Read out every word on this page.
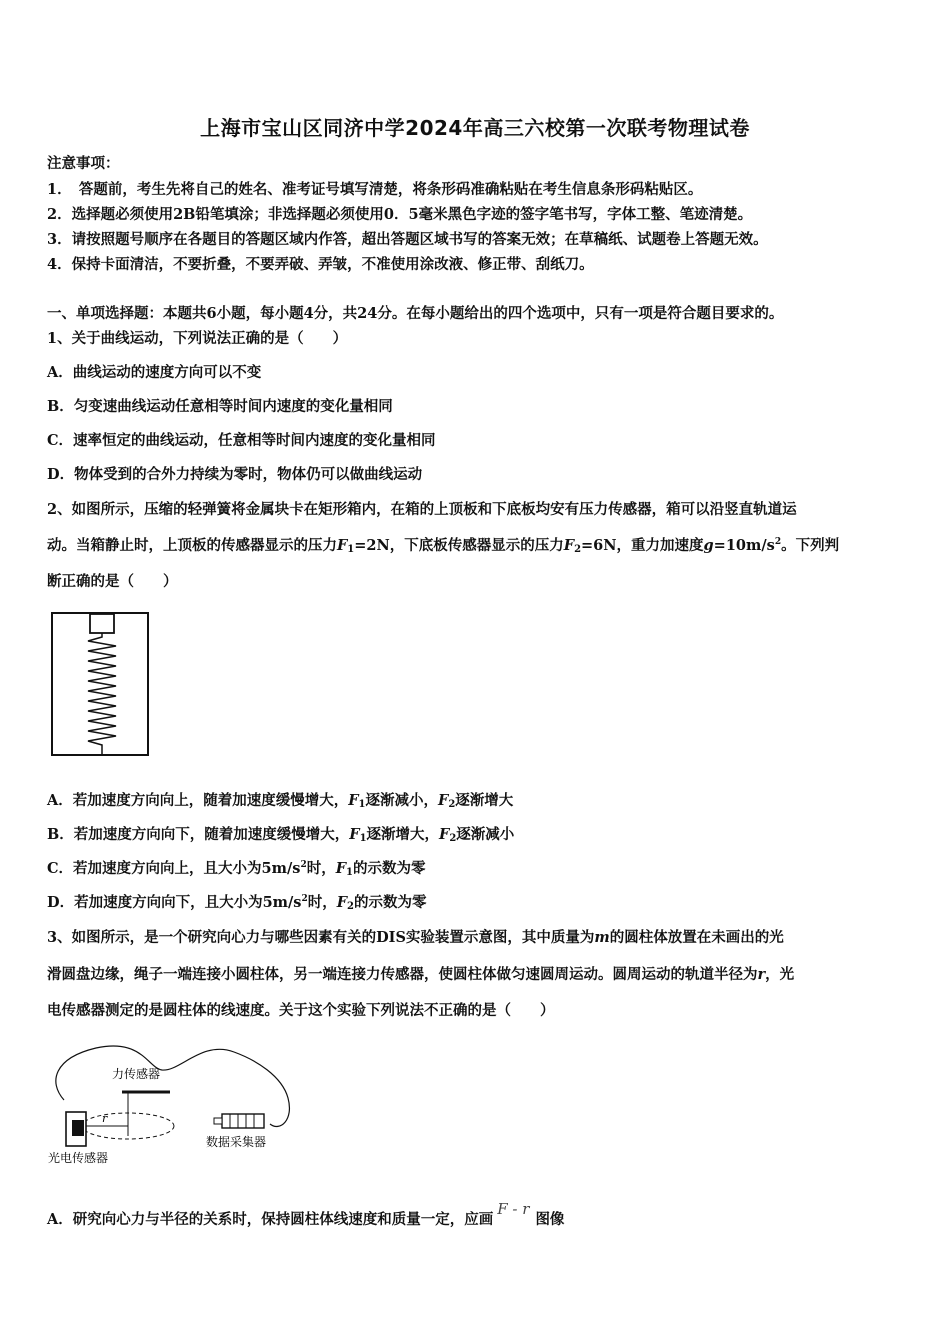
上海市宝山区同济中学2024年高三六校第一次联考物理试卷
注意事项：
1．　答题前，考生先将自己的姓名、准考证号填写清楚，将条形码准确粘贴在考生信息条形码粘贴区。
2．选择题必须使用2B铅笔填涂；非选择题必须使用0．5毫米黑色字迹的签字笔书写，字体工整、笔迹清楚。
3．请按照题号顺序在各题目的答题区域内作答，超出答题区域书写的答案无效；在草稿纸、试题卷上答题无效。
4．保持卡面清洁，不要折叠，不要弄破、弄皱，不准使用涂改液、修正带、刮纸刀。
一、单项选择题：本题共6小题，每小题4分，共24分。在每小题给出的四个选项中，只有一项是符合题目要求的。
1、关于曲线运动，下列说法正确的是（　　）
A．曲线运动的速度方向可以不变
B．匀变速曲线运动任意相等时间内速度的变化量相同
C．速率恒定的曲线运动，任意相等时间内速度的变化量相同
D．物体受到的合外力持续为零时，物体仍可以做曲线运动
2、如图所示，压缩的轻弹簧将金属块卡在矩形箱内，在箱的上顶板和下底板均安有压力传感器，箱可以沿竖直轨道运
动。当箱静止时，上顶板的传感器显示的压力$F_1=2N$，下底板传感器显示的压力$F_2=6N$，重力加速度$g=10m/s^2$。下列判
断正确的是（　　）
A．若加速度方向向上，随着加速度缓慢增大，$F_1$逐渐减小，$F_2$逐渐增大
B．若加速度方向向下，随着加速度缓慢增大，$F_1$逐渐增大，$F_2$逐渐减小
C．若加速度方向向上，且大小为$5m/s^2$时，$F_1$的示数为零
D．若加速度方向向下，且大小为$5m/s^2$时，$F_2$的示数为零
3、如图所示，是一个研究向心力与哪些因素有关的DIS实验装置示意图，其中质量为m的圆柱体放置在未画出的光
滑圆盘边缘，绳子一端连接小圆柱体，另一端连接力传感器，使圆柱体做匀速圆周运动。圆周运动的轨道半径为r，光
电传感器测定的是圆柱体的线速度。关于这个实验下列说法不正确的是（　　）
力传感器
r
光电传感器
数据采集器
A．研究向心力与半径的关系时，保持圆柱体线速度和质量一定，应画F - r图像
